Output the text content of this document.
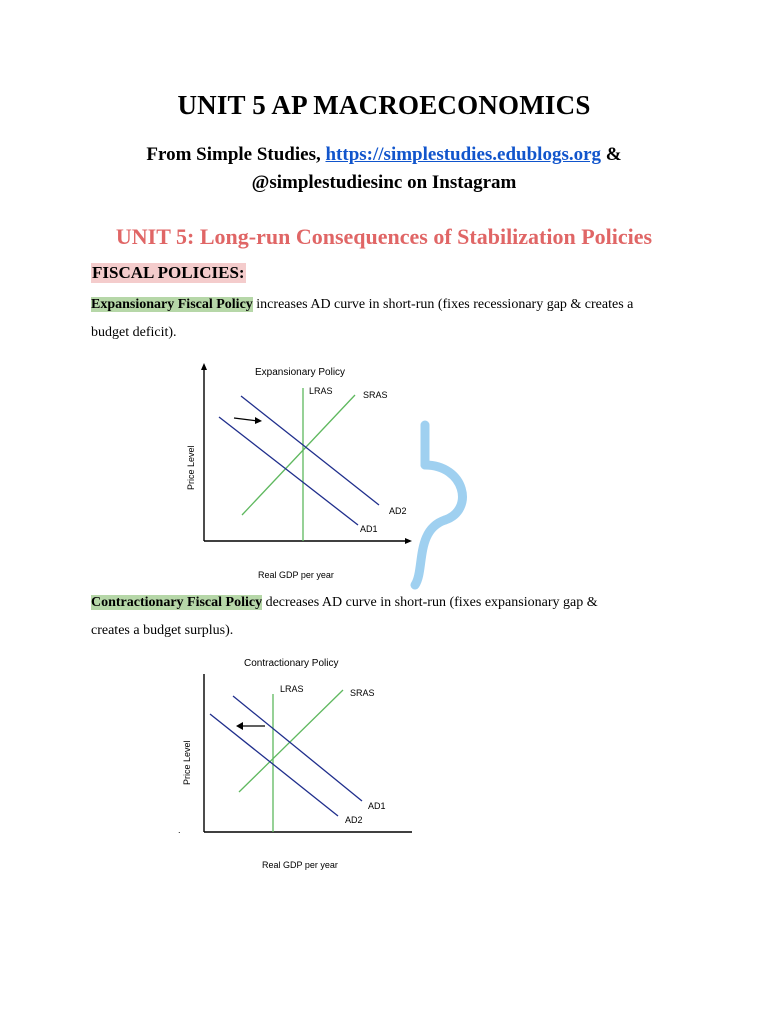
UNIT 5 AP MACROECONOMICS
From Simple Studies, https://simplestudies.edublogs.org &
@simplestudiesinc on Instagram
UNIT 5: Long-run Consequences of Stabilization Policies
FISCAL POLICIES:
Expansionary Fiscal Policy increases AD curve in short-run (fixes recessionary gap & creates a
budget deficit).
Expansionary Policy
Price Level
Real GDP per year
LRAS	SRAS
AD1
AD2
Contractionary Fiscal Policy decreases AD curve in short-run (fixes expansionary gap &
creates a budget surplus).
Contractionary Policy
Price Level
Real GDP per year
.
LRAS	SRAS
AD1
AD2
